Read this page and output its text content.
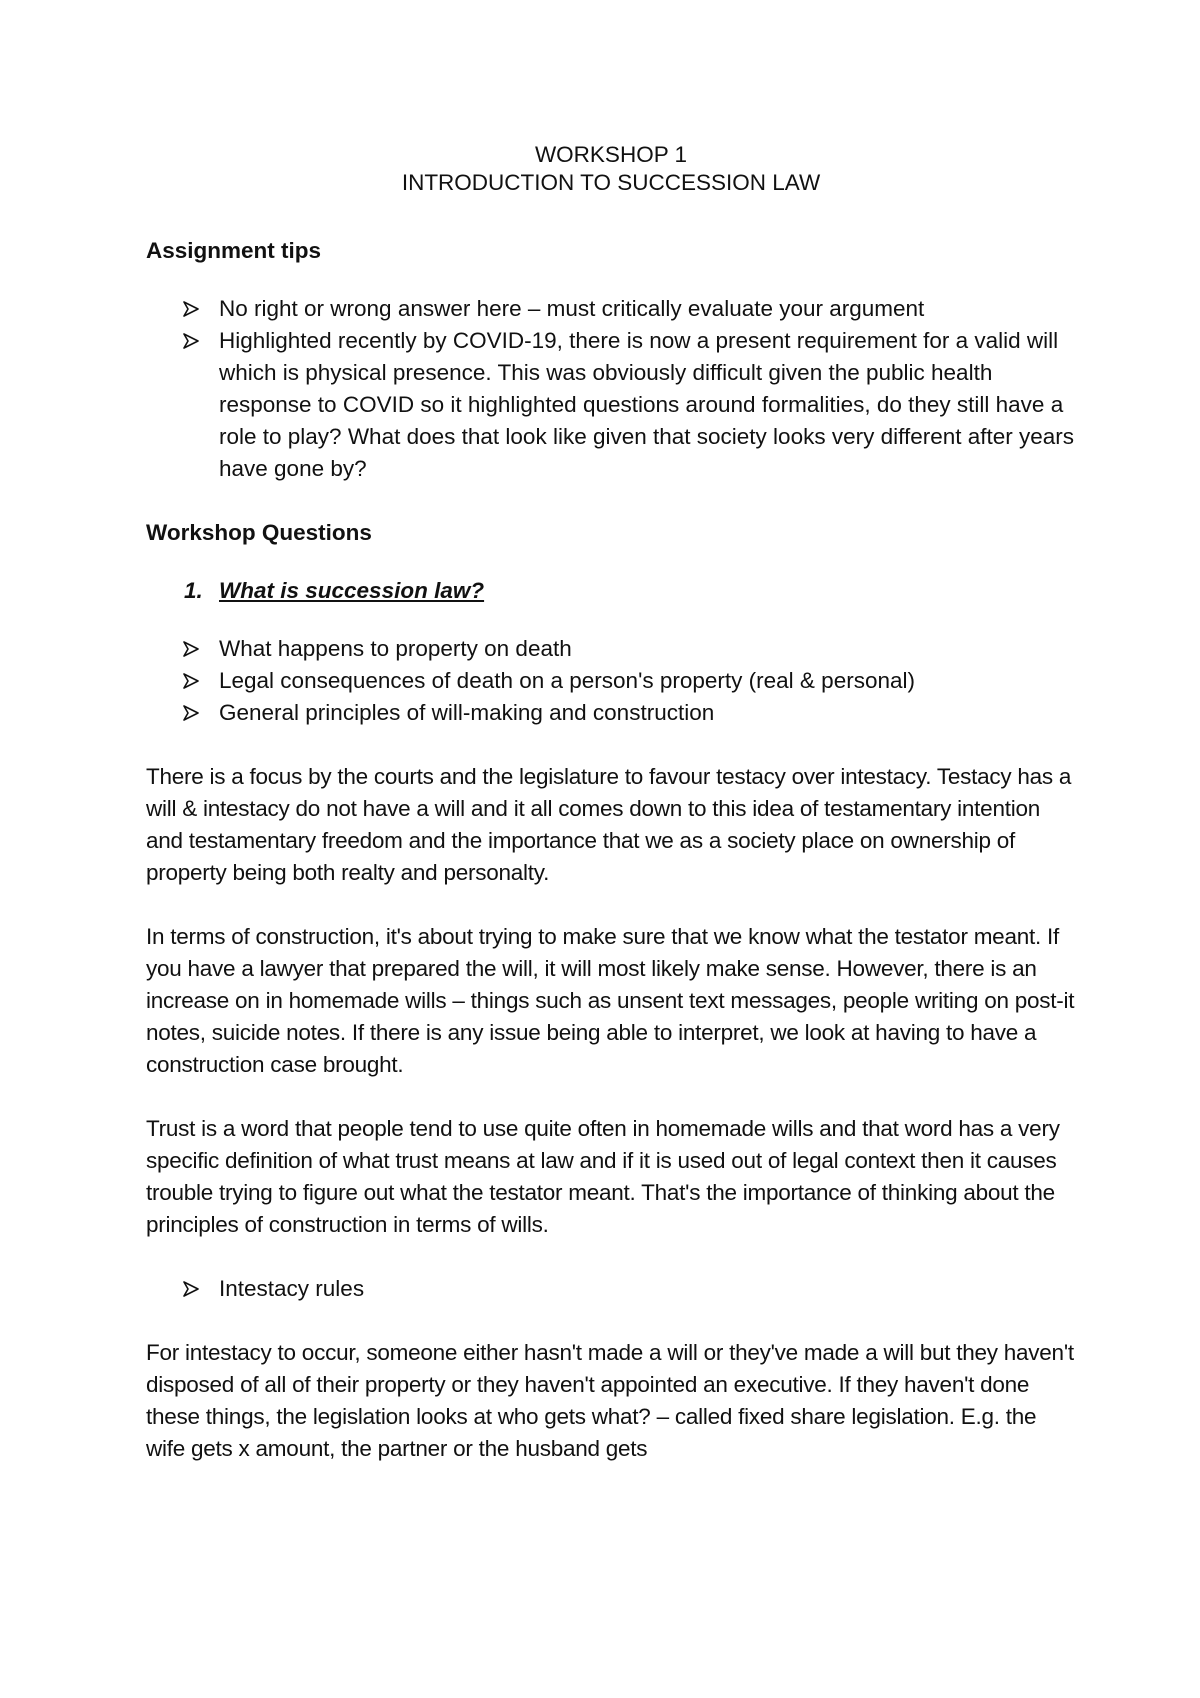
WORKSHOP 1

INTRODUCTION TO SUCCESSION LAW

Assignment tips

No right or wrong answer here – must critically evaluate your argument
Highlighted recently by COVID-19, there is now a present requirement for a valid will which is physical presence. This was obviously difficult given the public health response to COVID so it highlighted questions around formalities, do they still have a role to play? What does that look like given that society looks very different after years have gone by?

Workshop Questions

1. What is succession law?

What happens to property on death
Legal consequences of death on a person's property (real & personal)
General principles of will-making and construction

There is a focus by the courts and the legislature to favour testacy over intestacy. Testacy has a will & intestacy do not have a will and it all comes down to this idea of testamentary intention and testamentary freedom and the importance that we as a society place on ownership of property being both realty and personalty.

In terms of construction, it's about trying to make sure that we know what the testator meant. If you have a lawyer that prepared the will, it will most likely make sense. However, there is an increase on in homemade wills – things such as unsent text messages, people writing on post-it notes, suicide notes. If there is any issue being able to interpret, we look at having to have a construction case brought.

Trust is a word that people tend to use quite often in homemade wills and that word has a very specific definition of what trust means at law and if it is used out of legal context then it causes trouble trying to figure out what the testator meant. That's the importance of thinking about the principles of construction in terms of wills.

Intestacy rules

For intestacy to occur, someone either hasn't made a will or they've made a will but they haven't disposed of all of their property or they haven't appointed an executive. If they haven't done these things, the legislation looks at who gets what? – called fixed share legislation. E.g. the wife gets x amount, the partner or the husband gets
